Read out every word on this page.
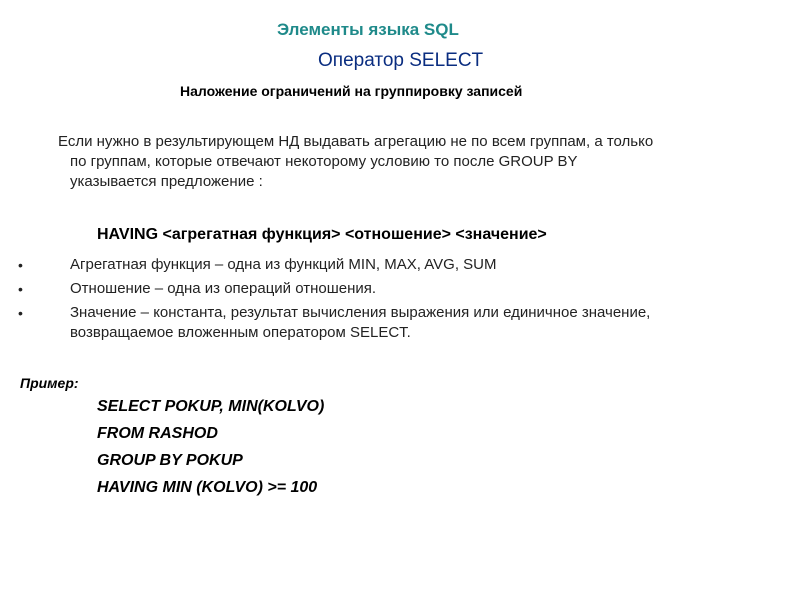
Элементы языка SQL
Оператор SELECT
Наложение ограничений на группировку записей
Если нужно в результирующем НД выдавать агрегацию не по всем группам, а только
по группам, которые отвечают некоторому условию то после GROUP BY
указывается предложение :
HAVING <агрегатная функция> <отношение> <значение>
•	Агрегатная функция – одна из функций MIN, MAX, AVG, SUM
•	Отношение – одна из операций отношения.
•	Значение – константа, результат вычисления выражения или единичное значение,
возвращаемое вложенным оператором SELECT.
Пример:
SELECT POKUP, MIN(KOLVO)
FROM RASHOD
GROUP BY POKUP
HAVING MIN (KOLVO) >= 100
